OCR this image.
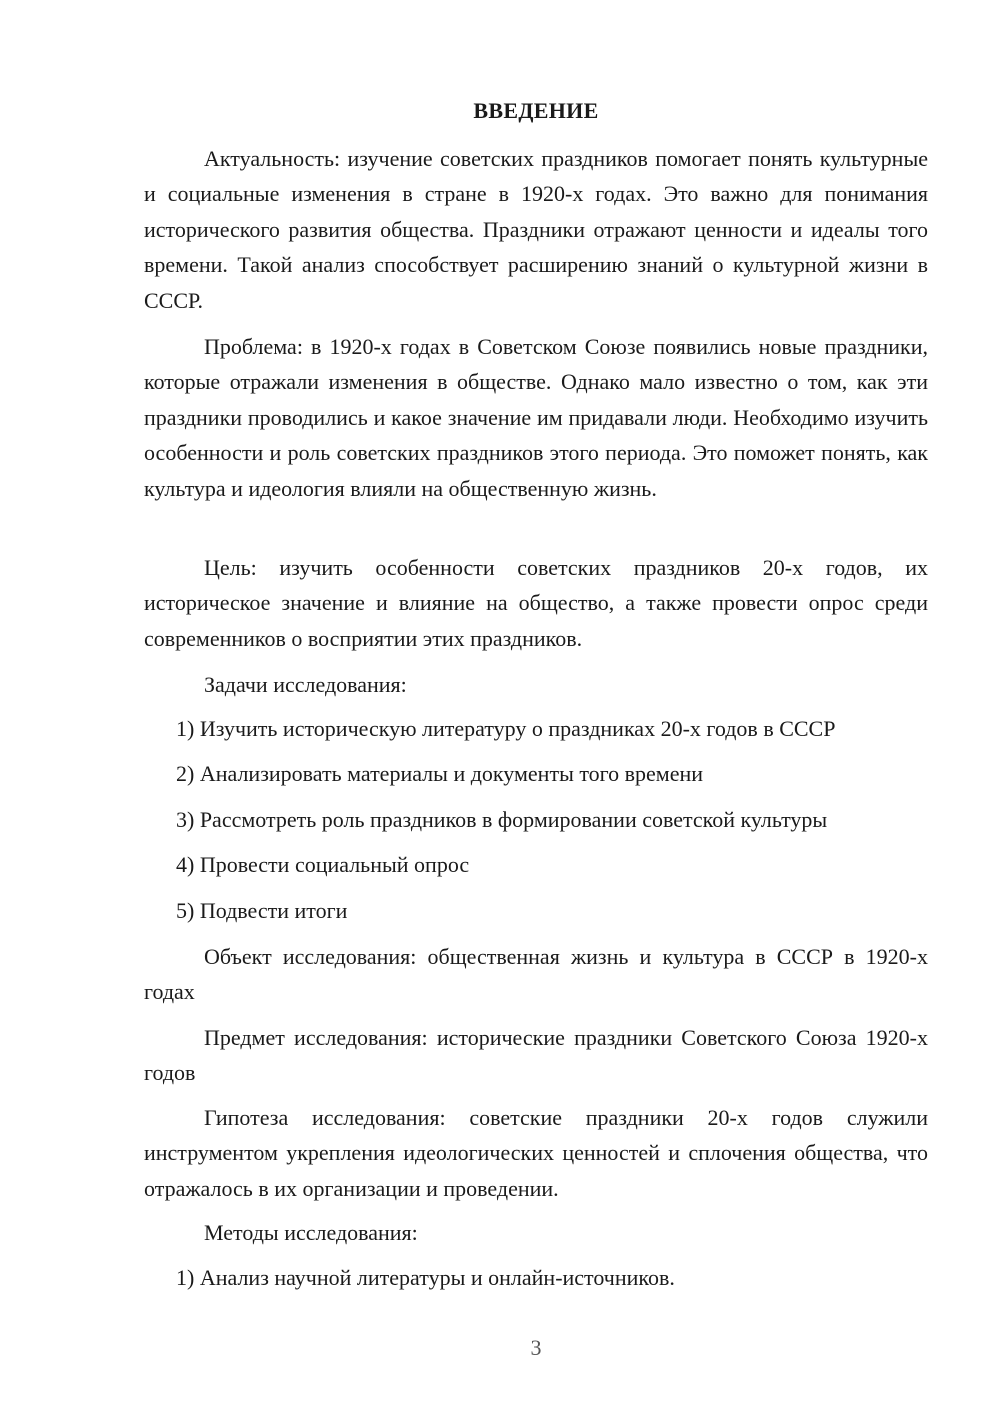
ВВЕДЕНИЕ

Актуальность: изучение советских праздников помогает понять культурные и социальные изменения в стране в 1920-х годах. Это важно для понимания исторического развития общества. Праздники отражают ценности и идеалы того времени. Такой анализ способствует расширению знаний о культурной жизни в СССР.

Проблема: в 1920-х годах в Советском Союзе появились новые праздники, которые отражали изменения в обществе. Однако мало известно о том, как эти праздники проводились и какое значение им придавали люди. Необходимо изучить особенности и роль советских праздников этого периода. Это поможет понять, как культура и идеология влияли на общественную жизнь.

Цель: изучить особенности советских праздников 20-х годов, их историческое значение и влияние на общество, а также провести опрос среди современников о восприятии этих праздников.

Задачи исследования:

1) Изучить историческую литературу о праздниках 20-х годов в СССР

2) Анализировать материалы и документы того времени

3) Рассмотреть роль праздников в формировании советской культуры

4) Провести социальный опрос

5) Подвести итоги

Объект исследования: общественная жизнь и культура в СССР в 1920-х годах

Предмет исследования: исторические праздники Советского Союза 1920-х годов

Гипотеза исследования: советские праздники 20-х годов служили инструментом укрепления идеологических ценностей и сплочения общества, что отражалось в их организации и проведении.

Методы исследования:

1) Анализ научной литературы и онлайн-источников.

3
